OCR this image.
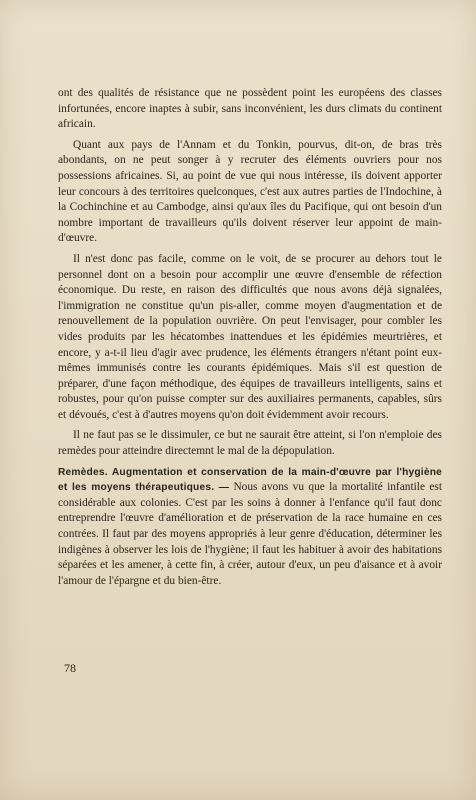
ont des qualités de résistance que ne possèdent point les européens des classes infortunées, encore inaptes à subir, sans inconvénient, les durs climats du continent africain.

Quant aux pays de l'Annam et du Tonkin, pourvus, dit-on, de bras très abondants, on ne peut songer à y recruter des éléments ouvriers pour nos possessions africaines. Si, au point de vue qui nous intéresse, ils doivent apporter leur concours à des territoires quelconques, c'est aux autres parties de l'Indochine, à la Cochinchine et au Cambodge, ainsi qu'aux îles du Pacifique, qui ont besoin d'un nombre important de travailleurs qu'ils doivent réserver leur appoint de main-d'œuvre.

Il n'est donc pas facile, comme on le voit, de se procurer au dehors tout le personnel dont on a besoin pour accomplir une œuvre d'ensemble de réfection économique. Du reste, en raison des difficultés que nous avons déjà signalées, l'immigration ne constitue qu'un pis-aller, comme moyen d'augmentation et de renouvellement de la population ouvrière. On peut l'envisager, pour combler les vides produits par les hécatombes inattendues et les épidémies meurtrières, et encore, y a-t-il lieu d'agir avec prudence, les éléments étrangers n'étant point eux-mêmes immunisés contre les courants épidémiques. Mais s'il est question de préparer, d'une façon méthodique, des équipes de travailleurs intelligents, sains et robustes, pour qu'on puisse compter sur des auxiliaires permanents, capables, sûrs et dévoués, c'est à d'autres moyens qu'on doit évidemment avoir recours.

Il ne faut pas se le dissimuler, ce but ne saurait être atteint, si l'on n'emploie des remèdes pour atteindre directemnt le mal de la dépopulation.

Remèdes. Augmentation et conservation de la main-d'œuvre par l'hygiène et les moyens thérapeutiques. — Nous avons vu que la mortalité infantile est considérable aux colonies. C'est par les soins à donner à l'enfance qu'il faut donc entreprendre l'œuvre d'amélioration et de préservation de la race humaine en ces contrées. Il faut par des moyens appropriés à leur genre d'éducation, déterminer les indigènes à observer les lois de l'hygiène; il faut les habituer à avoir des habitations séparées et les amener, à cette fin, à créer, autour d'eux, un peu d'aisance et à avoir l'amour de l'épargne et du bien-être.

78
